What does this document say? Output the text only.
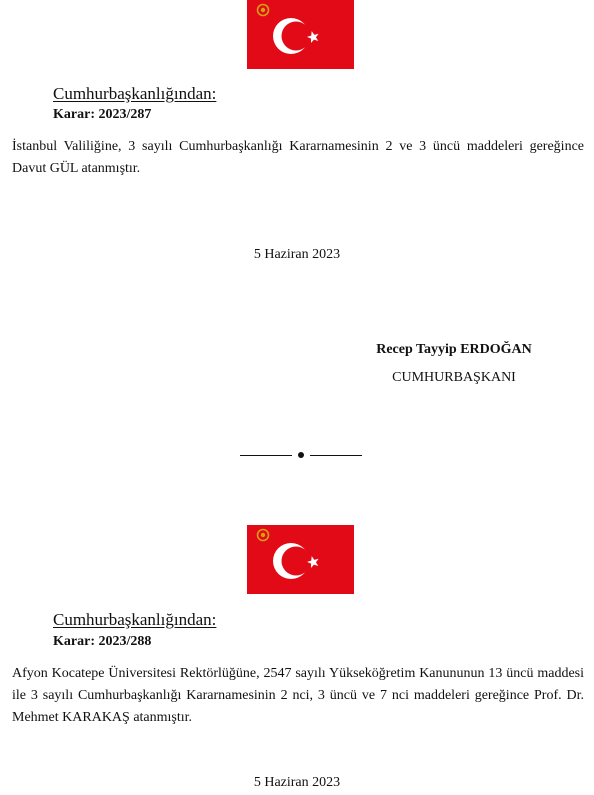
Cumhurbaşkanlığından:
Karar: 2023/287
İstanbul Valiliğine, 3 sayılı Cumhurbaşkanlığı Kararnamesinin 2 ve 3 üncü maddeleri gereğince Davut GÜL atanmıştır.
5 Haziran 2023
Recep Tayyip ERDOĞAN
CUMHURBAŞKANI
Cumhurbaşkanlığından:
Karar: 2023/288
Afyon Kocatepe Üniversitesi Rektörlüğüne, 2547 sayılı Yükseköğretim Kanununun 13 üncü maddesi ile 3 sayılı Cumhurbaşkanlığı Kararnamesinin 2 nci, 3 üncü ve 7 nci maddeleri gereğince Prof. Dr. Mehmet KARAKAŞ atanmıştır.
5 Haziran 2023
